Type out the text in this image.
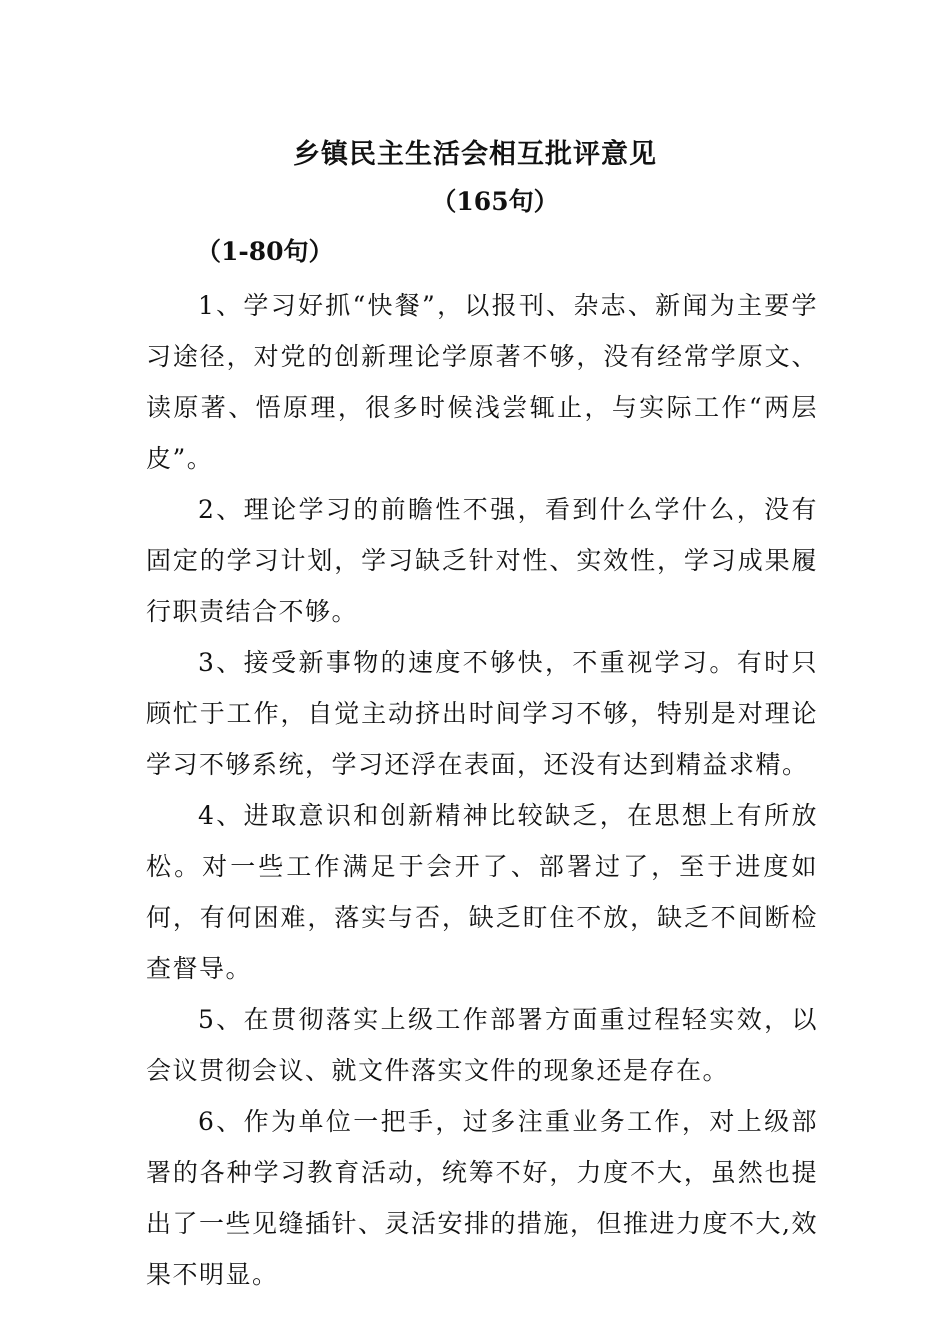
乡镇民主生活会相互批评意见
（165句）
（1-80句）

1、学习好抓“快餐”，以报刊、杂志、新闻为主要学习途径，对党的创新理论学原著不够，没有经常学原文、读原著、悟原理，很多时候浅尝辄止，与实际工作“两层皮”。

2、理论学习的前瞻性不强，看到什么学什么，没有固定的学习计划，学习缺乏针对性、实效性，学习成果履行职责结合不够。

3、接受新事物的速度不够快，不重视学习。有时只顾忙于工作，自觉主动挤出时间学习不够，特别是对理论学习不够系统，学习还浮在表面，还没有达到精益求精。

4、进取意识和创新精神比较缺乏，在思想上有所放松。对一些工作满足于会开了、部署过了，至于进度如何，有何困难，落实与否，缺乏盯住不放，缺乏不间断检查督导。

5、在贯彻落实上级工作部署方面重过程轻实效，以会议贯彻会议、就文件落实文件的现象还是存在。

6、作为单位一把手，过多注重业务工作，对上级部署的各种学习教育活动，统筹不好，力度不大，虽然也提出了一些见缝插针、灵活安排的措施，但推进力度不大,效果不明显。
